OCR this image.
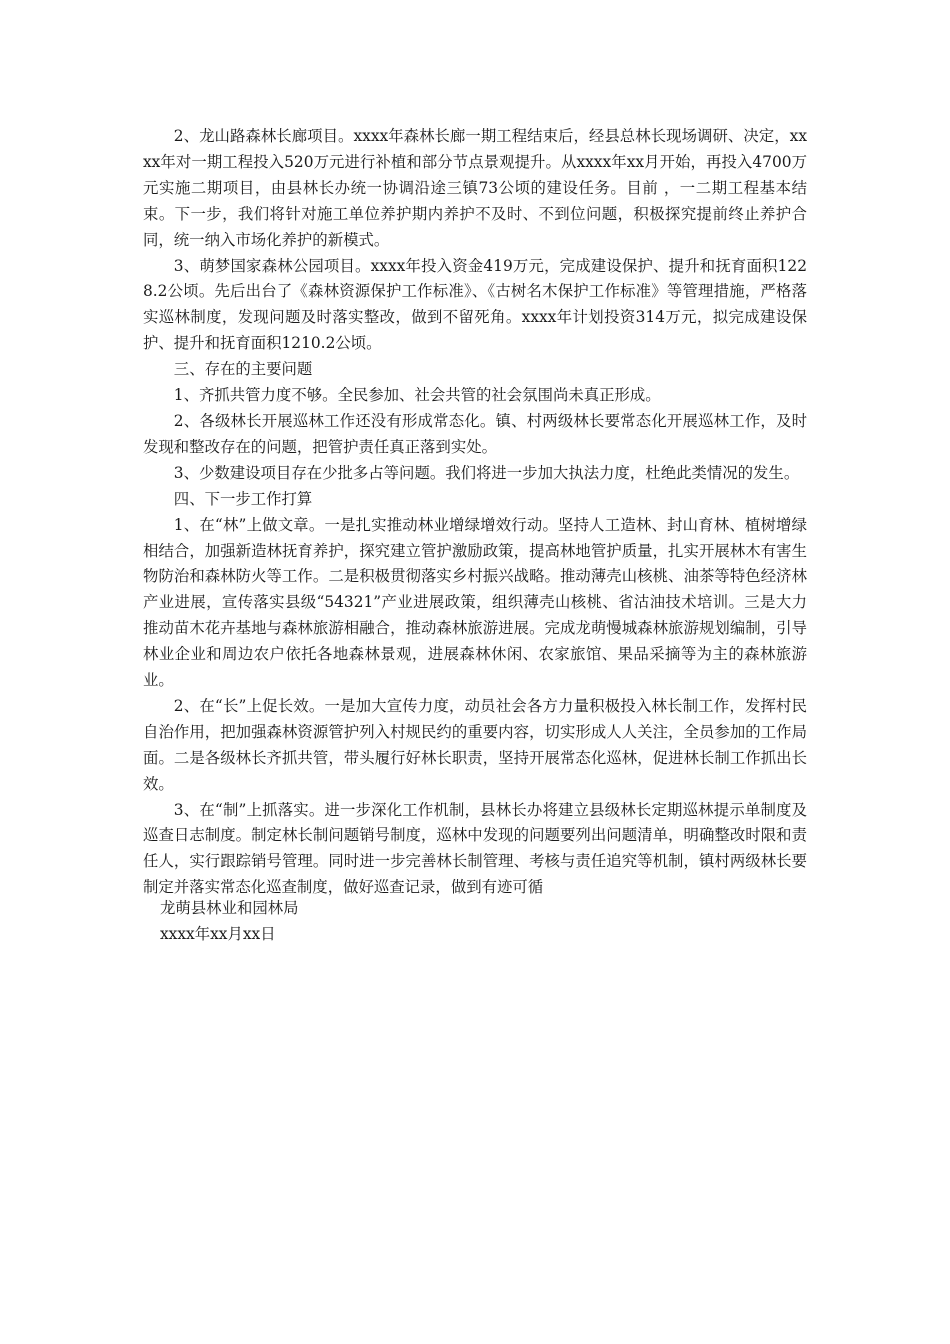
2、龙山路森林长廊项目。xxxx年森林长廊一期工程结束后，经县总林长现场调研、决定，xxxx年对一期工程投入520万元进行补植和部分节点景观提升。从xxxx年xx月开始，再投入4700万元实施二期项目，由县林长办统一协调沿途三镇73公顷的建设任务。目前 ，一二期工程基本结束。下一步，我们将针对施工单位养护期内养护不及时、不到位问题，积极探究提前终止养护合同，统一纳入市场化养护的新模式。

3、萌梦国家森林公园项目。xxxx年投入资金419万元，完成建设保护、提升和抚育面积1228.2公顷。先后出台了《森林资源保护工作标准》、《古树名木保护工作标准》等管理措施，严格落实巡林制度，发现问题及时落实整改，做到不留死角。xxxx年计划投资314万元，拟完成建设保护、提升和抚育面积1210.2公顷。

三、存在的主要问题

1、齐抓共管力度不够。全民参加、社会共管的社会氛围尚未真正形成。

2、各级林长开展巡林工作还没有形成常态化。镇、村两级林长要常态化开展巡林工作，及时发现和整改存在的问题，把管护责任真正落到实处。

3、少数建设项目存在少批多占等问题。我们将进一步加大执法力度，杜绝此类情况的发生。

四、下一步工作打算

1、在“林”上做文章。一是扎实推动林业增绿增效行动。坚持人工造林、封山育林、植树增绿相结合，加强新造林抚育养护，探究建立管护激励政策，提高林地管护质量，扎实开展林木有害生物防治和森林防火等工作。二是积极贯彻落实乡村振兴战略。推动薄壳山核桃、油茶等特色经济林产业进展，宣传落实县级“54321”产业进展政策，组织薄壳山核桃、省沽油技术培训。三是大力推动苗木花卉基地与森林旅游相融合，推动森林旅游进展。完成龙萌慢城森林旅游规划编制，引导林业企业和周边农户依托各地森林景观，进展森林休闲、农家旅馆、果品采摘等为主的森林旅游业。

2、在“长”上促长效。一是加大宣传力度，动员社会各方力量积极投入林长制工作，发挥村民自治作用，把加强森林资源管护列入村规民约的重要内容，切实形成人人关注，全员参加的工作局面。二是各级林长齐抓共管，带头履行好林长职责，坚持开展常态化巡林，促进林长制工作抓出长效。

3、在“制”上抓落实。进一步深化工作机制，县林长办将建立县级林长定期巡林提示单制度及巡查日志制度。制定林长制问题销号制度，巡林中发现的问题要列出问题清单，明确整改时限和责任人，实行跟踪销号管理。同时进一步完善林长制管理、考核与责任追究等机制，镇村两级林长要制定并落实常态化巡查制度，做好巡查记录，做到有迹可循

龙萌县林业和园林局
xxxx年xx月xx日
